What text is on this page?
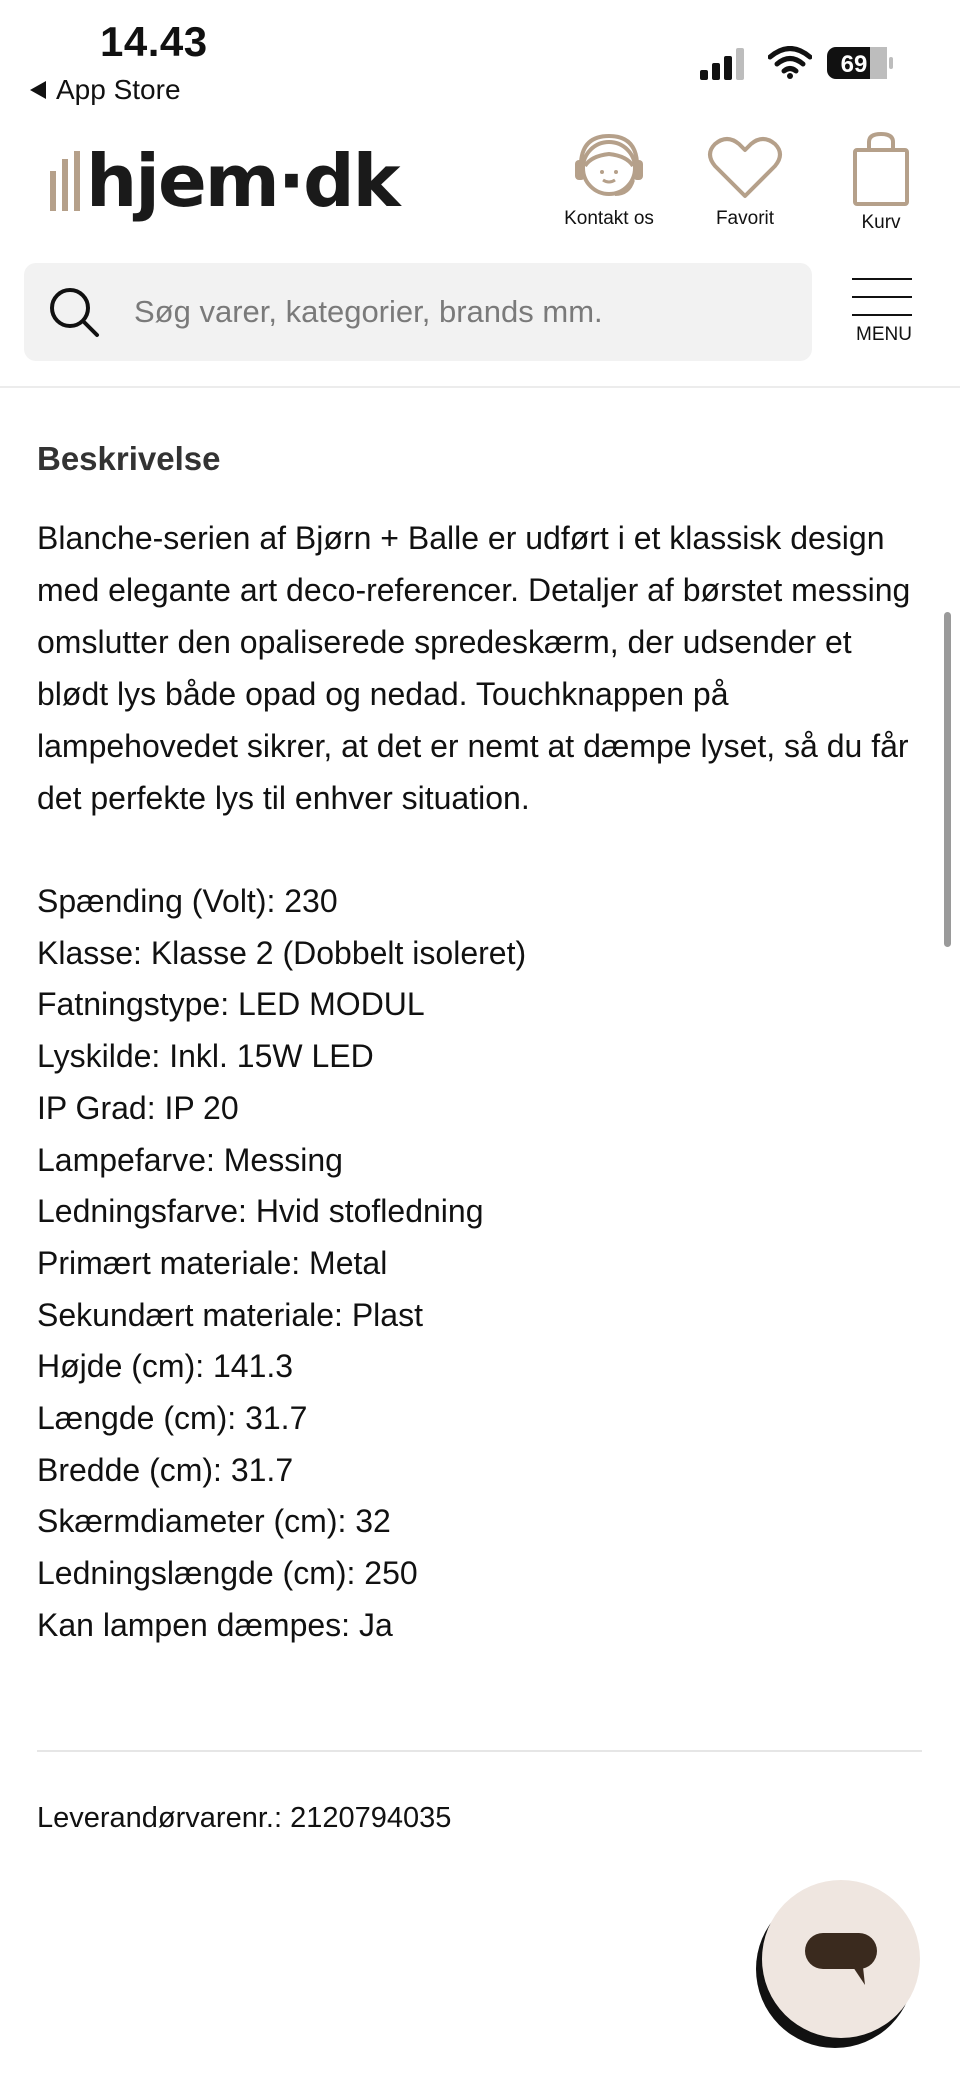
14.43
App Store
69
hjem·dk	Kontakt os	Favorit	Kurv
Søg varer, kategorier, brands mm.
MENU
Beskrivelse
Blanche-serien af Bjørn + Balle er udført i et klassisk design med elegante art deco-referencer. Detaljer af børstet messing omslutter den opaliserede spredeskærm, der udsender et blødt lys både opad og nedad. Touchknappen på lampehovedet sikrer, at det er nemt at dæmpe lyset, så du får det perfekte lys til enhver situation.
Spænding (Volt): 230
Klasse: Klasse 2 (Dobbelt isoleret)
Fatningstype: LED MODUL
Lyskilde: Inkl. 15W LED
IP Grad: IP 20
Lampefarve: Messing
Ledningsfarve: Hvid stofledning
Primært materiale: Metal
Sekundært materiale: Plast
Højde (cm): 141.3
Længde (cm): 31.7
Bredde (cm): 31.7
Skærmdiameter (cm): 32
Ledningslængde (cm): 250
Kan lampen dæmpes: Ja
Leverandørvarenr.: 2120794035
